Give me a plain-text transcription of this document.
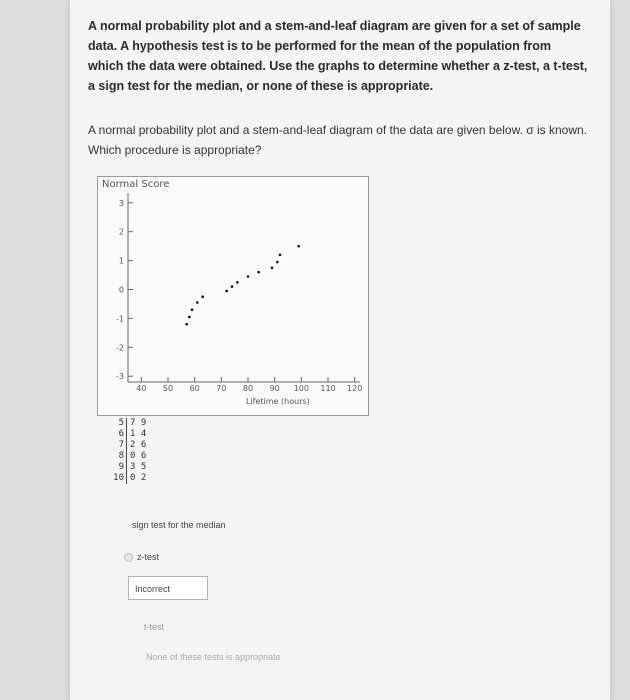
A normal probability plot and a stem-and-leaf diagram are given for a set of sample data. A hypothesis test is to be performed for the mean of the population from which the data were obtained. Use the graphs to determine whether a z-test, a t-test, a sign test for the median, or none of these is appropriate.
A normal probability plot and a stem-and-leaf diagram of the data are given below. σ is known. Which procedure is appropriate?
-3
-2
-1
0
1
2
3
40 50 60 70 80 90 100 110 120
Normal Score
Lifetime (hours)
5 7 9
6 1 4
7 2 6
8 0 6
9 3 5
10 0 2
sign test for the median
z-test
Incorrect
t-test
None of these tests is appropriate
